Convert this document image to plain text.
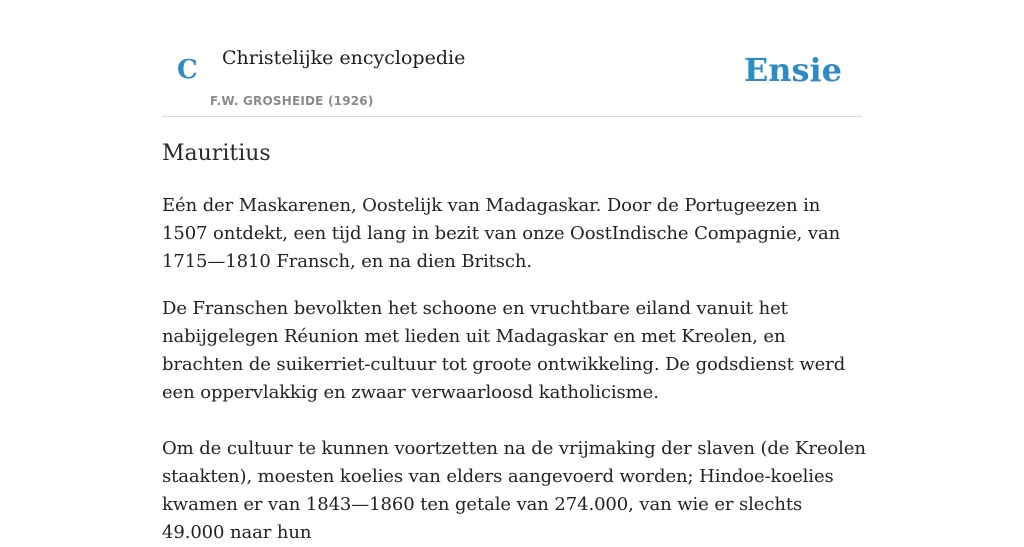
C Christelijke encyclopedie
F.W. GROSHEIDE (1926)
Ensie
Mauritius

Eén der Maskarenen, Oostelijk van Madagaskar. Door de Portugeezen in 1507 ontdekt, een tijd lang in bezit van onze OostIndische Compagnie, van 1715—1810 Fransch, en na dien Britsch.

De Franschen bevolkten het schoone en vruchtbare eiland vanuit het nabijgelegen Réunion met lieden uit Madagaskar en met Kreolen, en brachten de suikerriet-cultuur tot groote ontwikkeling. De godsdienst werd een oppervlakkig en zwaar verwaarloosd katholicisme.

Om de cultuur te kunnen voortzetten na de vrijmaking der slaven (de Kreolen staakten), moesten koelies van elders aangevoerd worden; Hindoe-koelies kwamen er van 1843—1860 ten getale van 274.000, van wie er slechts 49.000 naar hun
